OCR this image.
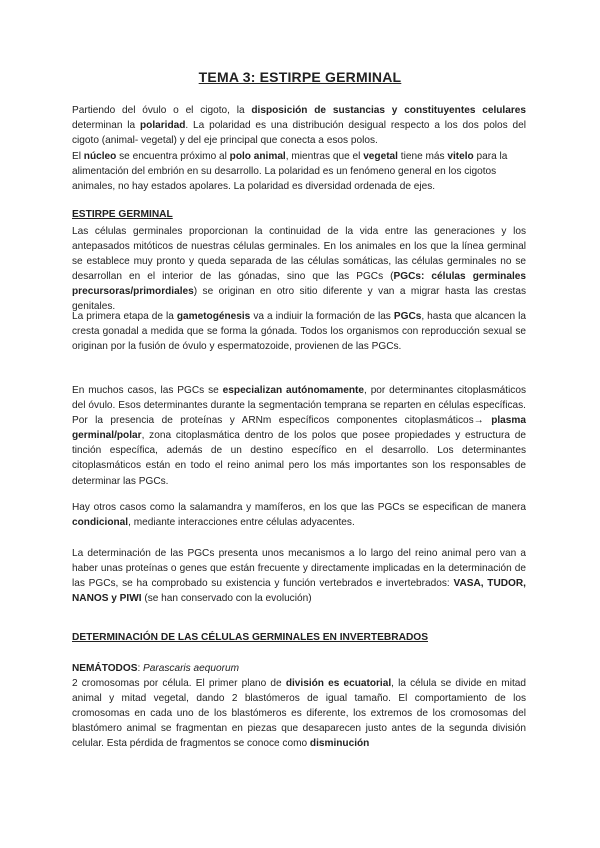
TEMA 3: ESTIRPE GERMINAL

Partiendo del óvulo o el cigoto, la disposición de sustancias y constituyentes celulares determinan la polaridad. La polaridad es una distribución desigual respecto a los dos polos del cigoto (animal- vegetal) y del eje principal que conecta a esos polos.

El núcleo se encuentra próximo al polo animal, mientras que el vegetal tiene más vitelo para la alimentación del embrión en su desarrollo. La polaridad es un fenómeno general en los cigotos animales, no hay estados apolares. La polaridad es diversidad ordenada de ejes.

ESTIRPE GERMINAL

Las células germinales proporcionan la continuidad de la vida entre las generaciones y los antepasados mitóticos de nuestras células germinales. En los animales en los que la línea germinal se establece muy pronto y queda separada de las células somáticas, las células germinales no se desarrollan en el interior de las gónadas, sino que las PGCs (PGCs: células germinales precursoras/primordiales) se originan en otro sitio diferente y van a migrar hasta las crestas genitales.

La primera etapa de la gametogénesis va a indiuir la formación de las PGCs, hasta que alcancen la cresta gonadal a medida que se forma la gónada. Todos los organismos con reproducción sexual se originan por la fusión de óvulo y espermatozoide, provienen de las PGCs.

En muchos casos, las PGCs se especializan autónomamente, por determinantes citoplasmáticos del óvulo. Esos determinantes durante la segmentación temprana se reparten en células específicas. Por la presencia de proteínas y ARNm específicos componentes citoplasmáticos→ plasma germinal/polar, zona citoplasmática dentro de los polos que posee propiedades y estructura de tinción específica, además de un destino específico en el desarrollo. Los determinantes citoplasmáticos están en todo el reino animal pero los más importantes son los responsables de determinar las PGCs.

Hay otros casos como la salamandra y mamíferos, en los que las PGCs se especifican de manera condicional, mediante interacciones entre células adyacentes.

La determinación de las PGCs presenta unos mecanismos a lo largo del reino animal pero van a haber unas proteínas o genes que están frecuente y directamente implicadas en la determinación de las PGCs, se ha comprobado su existencia y función vertebrados e invertebrados: VASA, TUDOR, NANOS y PIWI (se han conservado con la evolución)

DETERMINACIÓN DE LAS CÉLULAS GERMINALES EN INVERTEBRADOS

NEMÁTODOS: Parascaris aequorum

2 cromosomas por célula. El primer plano de división es ecuatorial, la célula se divide en mitad animal y mitad vegetal, dando 2 blastómeros de igual tamaño. El comportamiento de los cromosomas en cada uno de los blastómeros es diferente, los extremos de los cromosomas del blastómero animal se fragmentan en piezas que desaparecen justo antes de la segunda división celular. Esta pérdida de fragmentos se conoce como disminución
